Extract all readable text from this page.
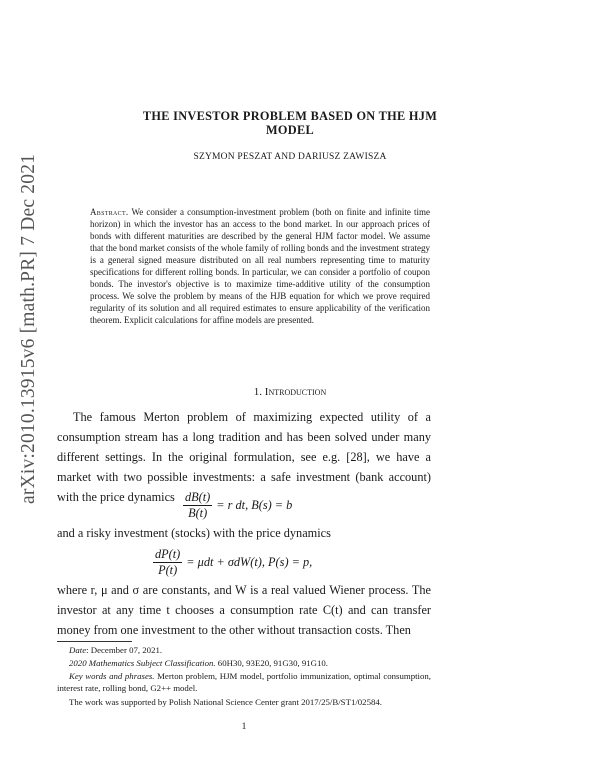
arXiv:2010.13915v6 [math.PR] 7 Dec 2021
THE INVESTOR PROBLEM BASED ON THE HJM
MODEL
SZYMON PESZAT AND DARIUSZ ZAWISZA
Abstract. We consider a consumption-investment problem (both on finite and infinite time horizon) in which the investor has an access to the bond market. In our approach prices of bonds with different maturities are described by the general HJM factor model. We assume that the bond market consists of the whole family of rolling bonds and the investment strategy is a general signed measure distributed on all real numbers representing time to maturity specifications for different rolling bonds. In particular, we can consider a portfolio of coupon bonds. The investor's objective is to maximize time-additive utility of the consumption process. We solve the problem by means of the HJB equation for which we prove required regularity of its solution and all required estimates to ensure applicability of the verification theorem. Explicit calculations for affine models are presented.
1. Introduction
The famous Merton problem of maximizing expected utility of a consumption stream has a long tradition and has been solved under many different settings. In the original formulation, see e.g. [28], we have a market with two possible investments: a safe investment (bank account) with the price dynamics $\frac{dB(t)}{B(t)} = r$ dt, B(s) = b
and a risky investment (stocks) with the price dynamics
$\frac{dP(t)}{P(t)} = \mu dt + \sigma dW(t)$, P(s) = p,
where r, μ and σ are constants, and W is a real valued Wiener process. The investor at any time t chooses a consumption rate C(t) and can transfer money from one investment to the other without transaction costs. Then
Date: December 07, 2021.
2020 Mathematics Subject Classification. 60H30, 93E20, 91G30, 91G10.
Key words and phrases. Merton problem, HJM model, portfolio immunization, optimal consumption, interest rate, rolling bond, G2++ model.
The work was supported by Polish National Science Center grant 2017/25/B/ST1/02584.
1
